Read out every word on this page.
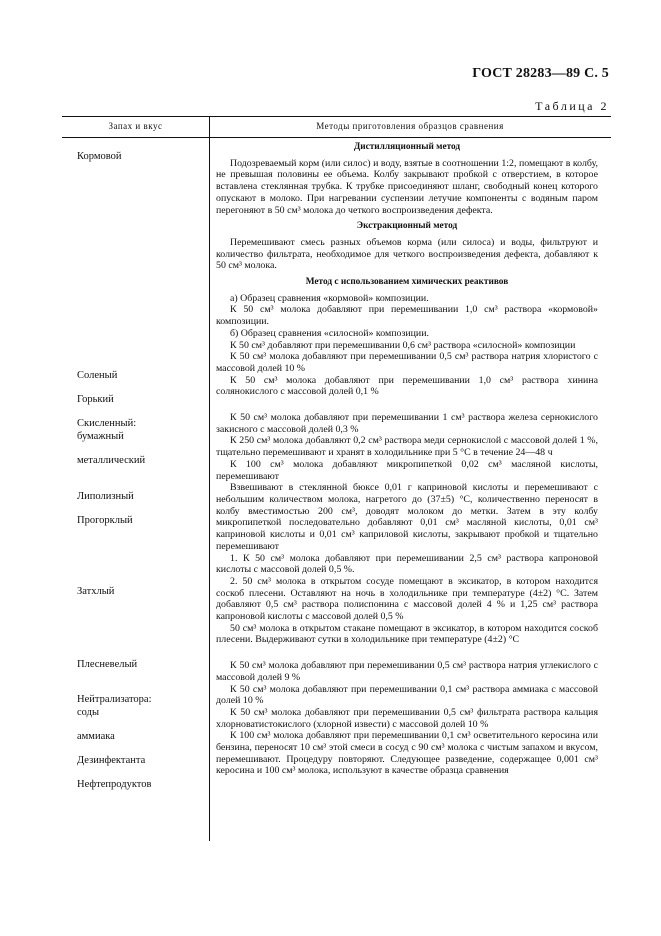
ГОСТ 28283—89 С. 5
Таблица 2
Запах и вкус	Методы приготовления образцов сравнения
Кормовой
Соленый
Горький
Скисленный:
бумажный
металлический
Липолизный
Прогорклый
Затхлый
Плесневелый
Нейтрализатора:
соды
аммиака
Дезинфектанта
Нефтепродуктов

Дистилляционный метод

Подозреваемый корм (или силос) и воду, взятые в соотношении 1:2, помещают в колбу, не превышая половины ее объема. Колбу закрывают пробкой с отверстием, в которое вставлена стеклянная трубка. К трубке присоединяют шланг, свободный конец которого опускают в молоко. При нагревании суспензии летучие компоненты с водяным паром перегоняют в 50 см³ молока до четкого воспроизведения дефекта.

Экстракционный метод

Перемешивают смесь разных объемов корма (или силоса) и воды, фильтруют и количество фильтрата, необходимое для четкого воспроизведения дефекта, добавляют к 50 см³ молока.

Метод с использованием химических реактивов

а) Образец сравнения «кормовой» композиции.

К 50 см³ молока добавляют при перемешивании 1,0 см³ раствора «кормовой» композиции.

б) Образец сравнения «силосной» композиции.

К 50 см³ добавляют при перемешивании 0,6 см³ раствора «силосной» композиции

К 50 см³ молока добавляют при перемешивании 0,5 см³ раствора натрия хлористого с массовой долей 10 %

К 50 см³ молока добавляют при перемешивании 1,0 см³ раствора хинина солянокислого с массовой долей 0,1 %

К 50 см³ молока добавляют при перемешивании 1 см³ раствора железа сернокислого закисного с массовой долей 0,3 %

К 250 см³ молока добавляют 0,2 см³ раствора меди сернокислой с массовой долей 1 %, тщательно перемешивают и хранят в холодильнике при 5 °С в течение 24—48 ч

К 100 см³ молока добавляют микропипеткой 0,02 см³ масляной кислоты, перемешивают

Взвешивают в стеклянной бюксе 0,01 г каприновой кислоты и перемешивают с небольшим количеством молока, нагретого до (37±5) °С, количественно переносят в колбу вместимостью 200 см³, доводят молоком до метки. Затем в эту колбу микропипеткой последовательно добавляют 0,01 см³ масляной кислоты, 0,01 см³ каприновой кислоты и 0,01 см³ каприловой кислоты, закрывают пробкой и тщательно перемешивают

1. К 50 см³ молока добавляют при перемешивании 2,5 см³ раствора капроновой кислоты с массовой долей 0,5 %.

2. 50 см³ молока в открытом сосуде помещают в эксикатор, в котором находится соскоб плесени. Оставляют на ночь в холодильнике при температуре (4±2) °С. Затем добавляют 0,5 см³ раствора полиспонина с массовой долей 4 % и 1,25 см³ раствора капроновой кислоты с массовой долей 0,5 %

50 см³ молока в открытом стакане помещают в эксикатор, в котором находится соскоб плесени. Выдерживают сутки в холодильнике при температуре (4±2) °С

К 50 см³ молока добавляют при перемешивании 0,5 см³ раствора натрия углекислого с массовой долей 9 %

К 50 см³ молока добавляют при перемешивании 0,1 см³ раствора аммиака с массовой долей 10 %

К 50 см³ молока добавляют при перемешивании 0,5 см³ фильтрата раствора кальция хлорноватистокислого (хлорной извести) с массовой долей 10 %

К 100 см³ молока добавляют при перемешивании 0,1 см³ осветительного керосина или бензина, переносят 10 см³ этой смеси в сосуд с 90 см³ молока с чистым запахом и вкусом, перемешивают. Процедуру повторяют. Следующее разведение, содержащее 0,001 см³ керосина и 100 см³ молока, используют в качестве образца сравнения
